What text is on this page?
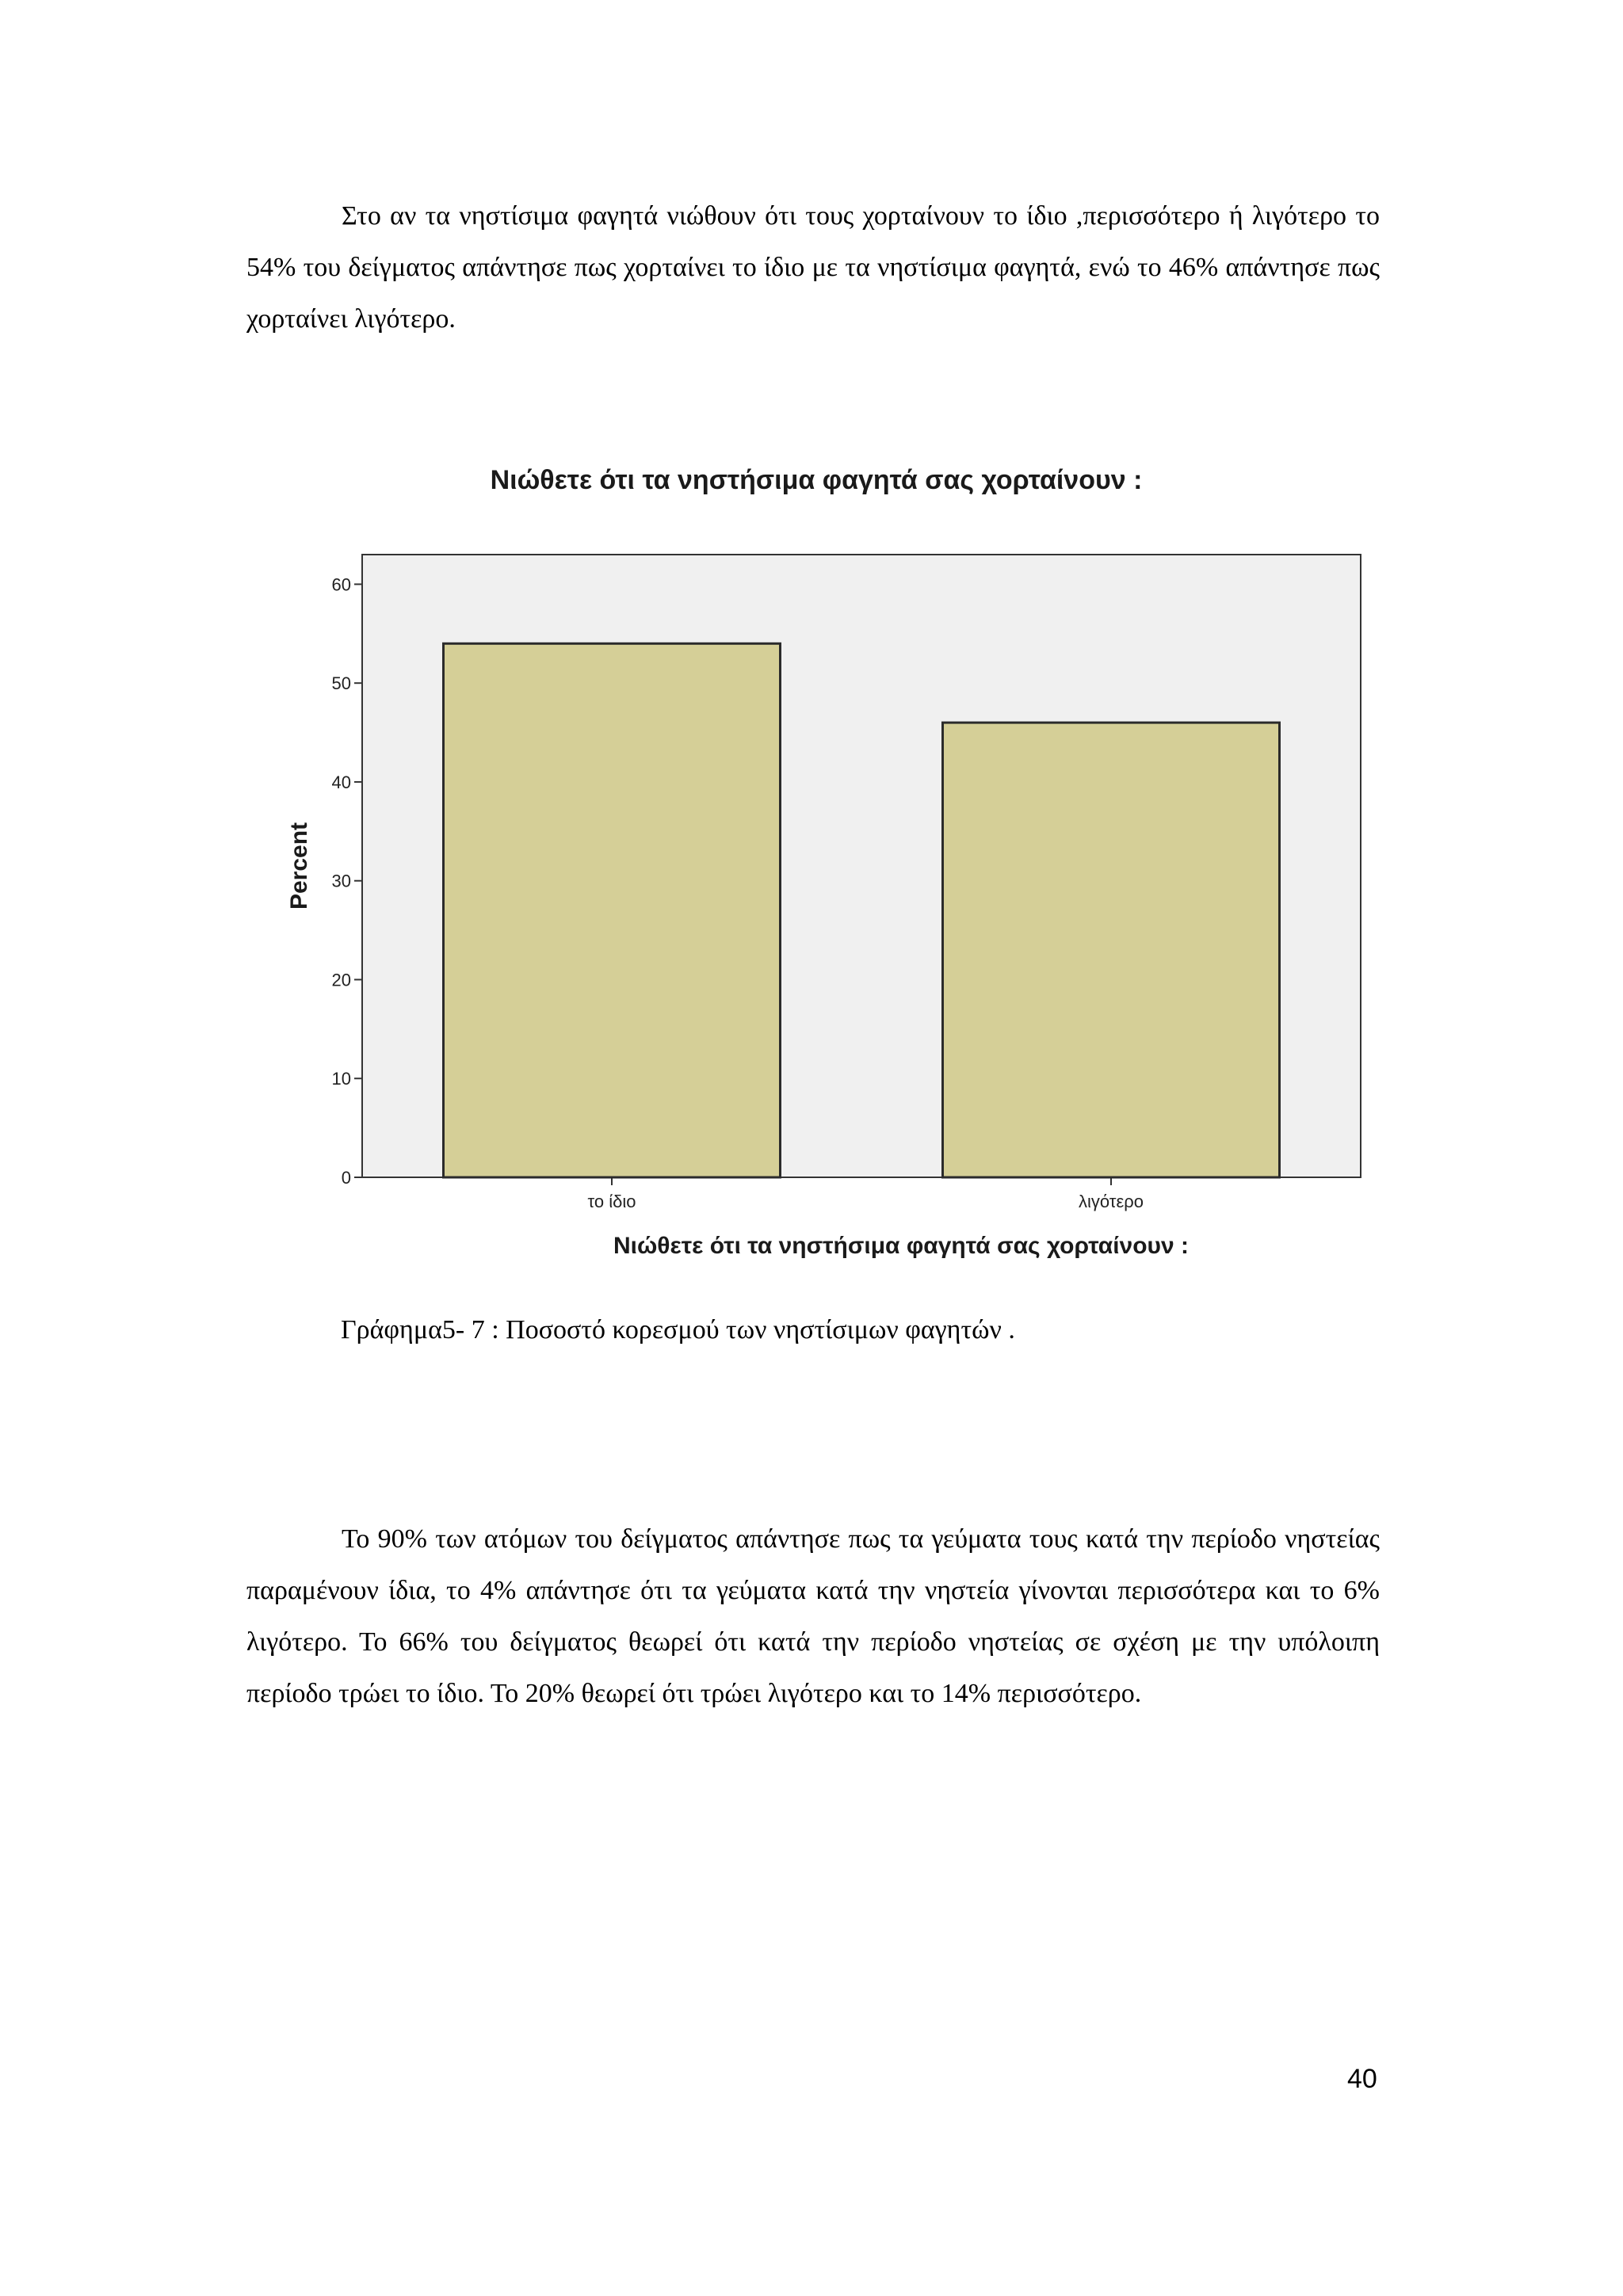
Στο αν τα νηστίσιμα φαγητά νιώθουν ότι τους χορταίνουν το ίδιο ,περισσότερο ή λιγότερο το 54% του δείγματος απάντησε πως χορταίνει το ίδιο με τα νηστίσιμα φαγητά, ενώ το 46% απάντησε πως χορταίνει λιγότερο.

Νιώθετε ότι τα νηστήσιμα φαγητά σας χορταίνουν :
0
10
20
30
40
50
60
το ίδιο	λιγότερο
Percent
Νιώθετε ότι τα νηστήσιμα φαγητά σας χορταίνουν :

Γράφημα5- 7 : Ποσοστό κορεσμού των νηστίσιμων φαγητών .

Το 90% των ατόμων του δείγματος απάντησε πως τα γεύματα τους κατά την περίοδο νηστείας παραμένουν ίδια, το 4% απάντησε ότι τα γεύματα κατά την νηστεία γίνονται περισσότερα και το 6% λιγότερο. Το 66% του δείγματος θεωρεί ότι κατά την περίοδο νηστείας σε σχέση με την υπόλοιπη περίοδο τρώει το ίδιο. Το 20% θεωρεί ότι τρώει λιγότερο και το 14% περισσότερο.

40
